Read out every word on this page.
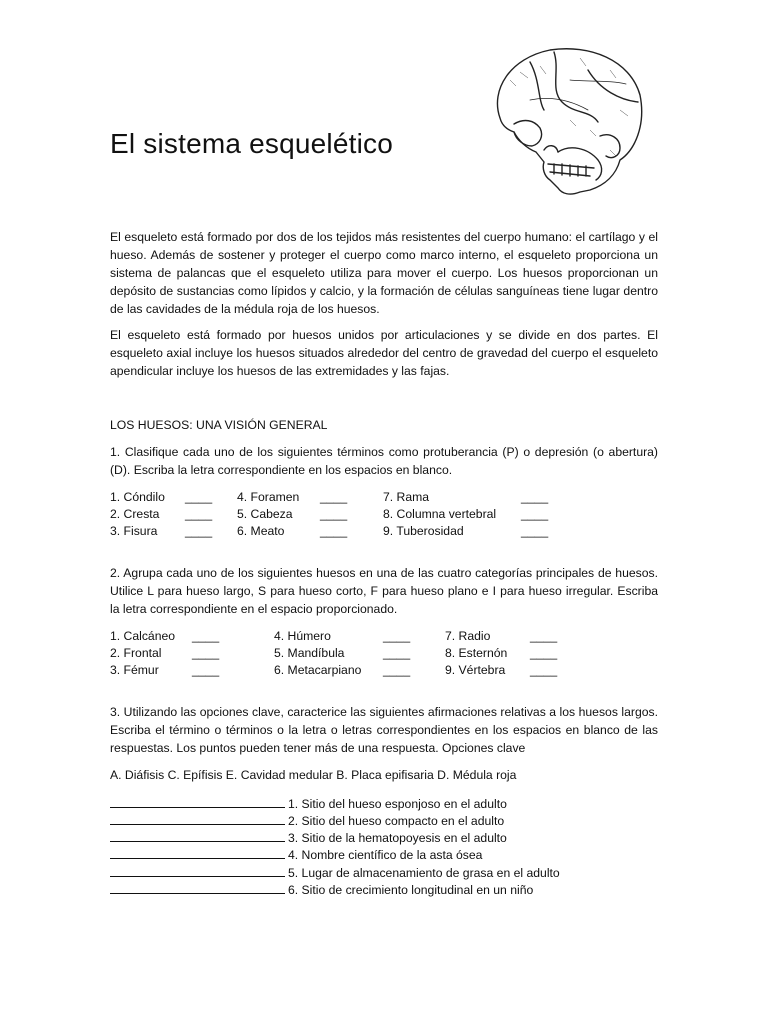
El sistema esquelético

El esqueleto está formado por dos de los tejidos más resistentes del cuerpo humano: el cartílago y el hueso. Además de sostener y proteger el cuerpo como marco interno, el esqueleto proporciona un sistema de palancas que el esqueleto utiliza para mover el cuerpo. Los huesos proporcionan un depósito de sustancias como lípidos y calcio, y la formación de células sanguíneas tiene lugar dentro de las cavidades de la médula roja de los huesos.

El esqueleto está formado por huesos unidos por articulaciones y se divide en dos partes. El esqueleto axial incluye los huesos situados alrededor del centro de gravedad del cuerpo el esqueleto apendicular incluye los huesos de las extremidades y las fajas.

LOS HUESOS: UNA VISIÓN GENERAL

1. Clasifique cada uno de los siguientes términos como protuberancia (P) o depresión (o abertura) (D). Escriba la letra correspondiente en los espacios en blanco.

1. Cóndilo
2. Cresta
3. Fisura
____
____
____
4. Foramen
5. Cabeza
6. Meato
____
____
____
7. Rama
8. Columna vertebral
9. Tuberosidad
____
____
____

2. Agrupa cada uno de los siguientes huesos en una de las cuatro categorías principales de huesos. Utilice L para hueso largo, S para hueso corto, F para hueso plano e I para hueso irregular. Escriba la letra correspondiente en el espacio proporcionado.

1. Calcáneo
2. Frontal
3. Fémur
____
____
____
4. Húmero
5. Mandíbula
6. Metacarpiano
____
____
____
7. Radio
8. Esternón
9. Vértebra
____
____
____

3. Utilizando las opciones clave, caracterice las siguientes afirmaciones relativas a los huesos largos. Escriba el término o términos o la letra o letras correspondientes en los espacios en blanco de las respuestas. Los puntos pueden tener más de una respuesta. Opciones clave

A. Diáfisis C. Epífisis E. Cavidad medular B. Placa epifisaria D. Médula roja

1. Sitio del hueso esponjoso en el adulto
2. Sitio del hueso compacto en el adulto
3. Sitio de la hematopoyesis en el adulto
4. Nombre científico de la asta ósea
5. Lugar de almacenamiento de grasa en el adulto
6. Sitio de crecimiento longitudinal en un niño
